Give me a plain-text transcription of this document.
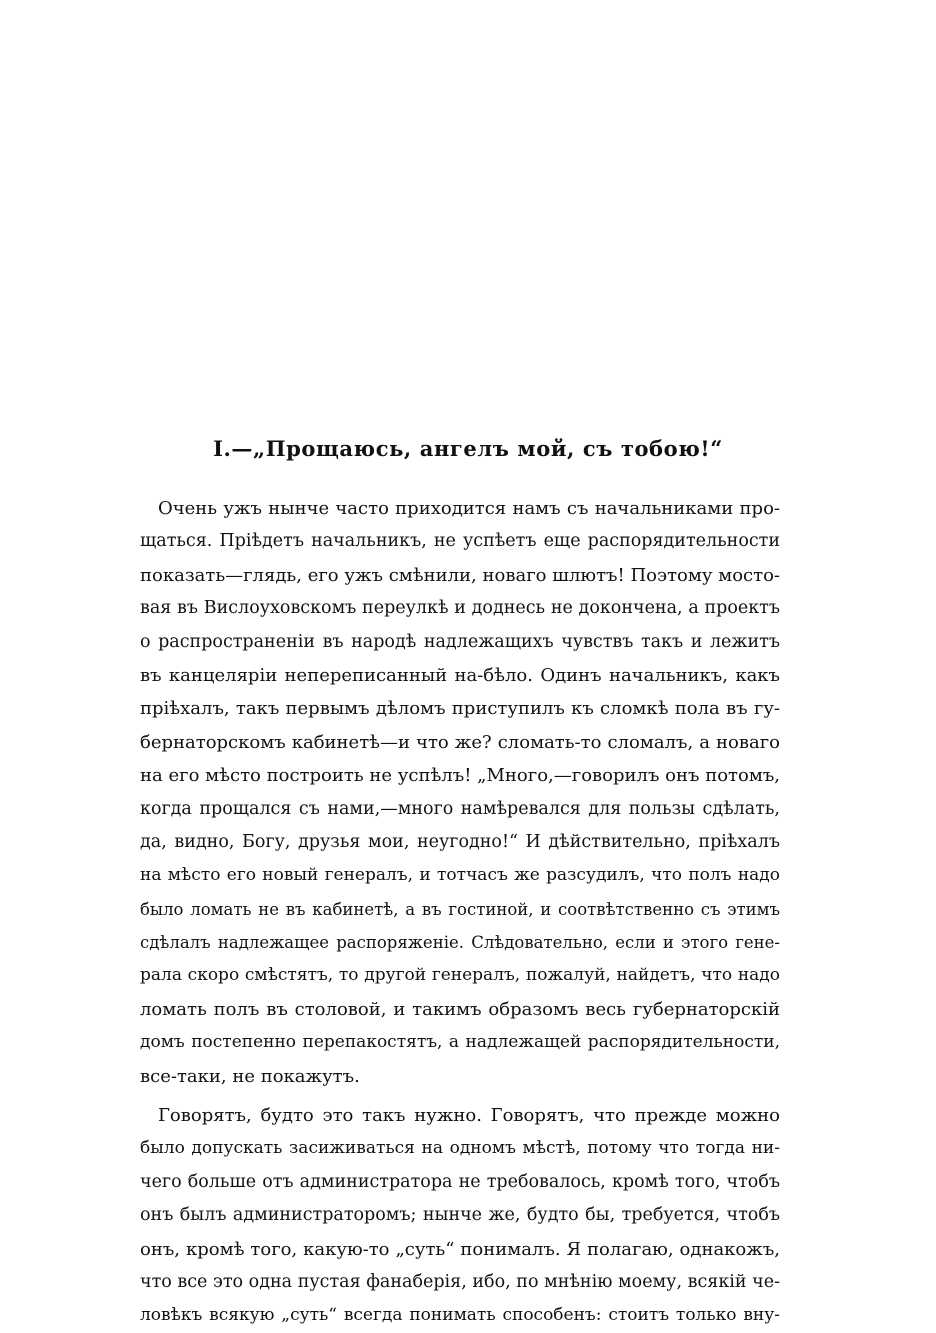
I.—„Прощаюсь, ангелъ мой, съ тобою!“
Очень ужъ нынче часто приходится намъ съ начальниками про-
щаться. Пріѣдетъ начальникъ, не успѣетъ еще распорядительности
показать—глядь, его ужъ смѣнили, новаго шлютъ! Поэтому мосто-
вая въ Вислоуховскомъ переулкѣ и доднесь не докончена, а проектъ
о распространеніи въ народѣ надлежащихъ чувствъ такъ и лежитъ
въ канцеляріи непереписанный на-бѣло. Одинъ начальникъ, какъ
пріѣхалъ, такъ первымъ дѣломъ приступилъ къ сломкѣ пола въ гу-
бернаторскомъ кабинетѣ—и что же? сломать-то сломалъ, а новаго
на его мѣсто построить не успѣлъ! „Много,—говорилъ онъ потомъ,
когда прощался съ нами,—много намѣревался для пользы сдѣлать,
да, видно, Богу, друзья мои, неугодно!“ И дѣйствительно, пріѣхалъ
на мѣсто его новый генералъ, и тотчасъ же разсудилъ, что полъ надо
было ломать не въ кабинетѣ, а въ гостиной, и соотвѣтственно съ этимъ
сдѣлалъ надлежащее распоряженіе. Слѣдовательно, если и этого гене-
рала скоро смѣстятъ, то другой генералъ, пожалуй, найдетъ, что надо
ломать полъ въ столовой, и такимъ образомъ весь губернаторскій
домъ постепенно перепакостятъ, а надлежащей распорядительности,
все-таки, не покажутъ.
Говорятъ, будто это такъ нужно. Говорятъ, что прежде можно
было допускать засиживаться на одномъ мѣстѣ, потому что тогда ни-
чего больше отъ администратора не требовалось, кромѣ того, чтобъ
онъ былъ администраторомъ; нынче же, будто бы, требуется, чтобъ
онъ, кромѣ того, какую-то „суть“ понималъ. Я полагаю, однакожъ,
что все это одна пустая фанаберія, ибо, по мнѣнію моему, всякій че-
ловѣкъ всякую „суть“ всегда понимать способенъ: стоитъ только вну-
